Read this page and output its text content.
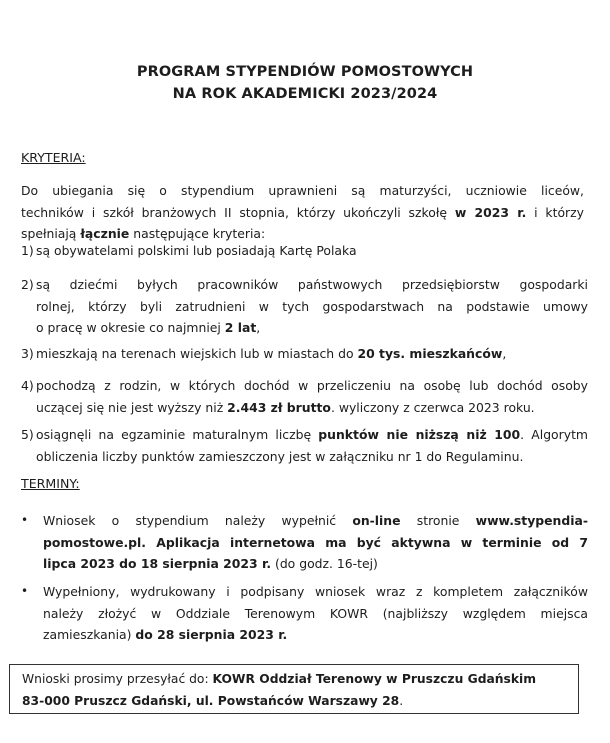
PROGRAM STYPENDIÓW POMOSTOWYCH
NA ROK AKADEMICKI 2023/2024
KRYTERIA:
Do ubiegania się o stypendium uprawnieni są maturzyści, uczniowie liceów,
techników i szkół branżowych II stopnia, którzy ukończyli szkołę w 2023 r. i którzy
spełniają łącznie następujące kryteria:
1) są obywatelami polskimi lub posiadają Kartę Polaka
2) są dziećmi byłych pracowników państwowych przedsiębiorstw gospodarki
rolnej, którzy byli zatrudnieni w tych gospodarstwach na podstawie umowy
o pracę w okresie co najmniej 2 lat,
3) mieszkają na terenach wiejskich lub w miastach do 20 tys. mieszkańców,
4) pochodzą z rodzin, w których dochód w przeliczeniu na osobę lub dochód osoby
uczącej się nie jest wyższy niż 2.443 zł brutto. wyliczony z czerwca 2023 roku.
5) osiągnęli na egzaminie maturalnym liczbę punktów nie niższą niż 100. Algorytm
obliczenia liczby punktów zamieszczony jest w załączniku nr 1 do Regulaminu.
TERMINY:
• Wniosek o stypendium należy wypełnić on-line stronie www.stypendia-
pomostowe.pl. Aplikacja internetowa ma być aktywna w terminie od 7
lipca 2023 do 18 sierpnia 2023 r. (do godz. 16-tej)
• Wypełniony, wydrukowany i podpisany wniosek wraz z kompletem załączników
należy złożyć w Oddziale Terenowym KOWR (najbliższy względem miejsca
zamieszkania) do 28 sierpnia 2023 r.
Wnioski prosimy przesyłać do: KOWR Oddział Terenowy w Pruszczu Gdańskim
83-000 Pruszcz Gdański, ul. Powstańców Warszawy 28.
